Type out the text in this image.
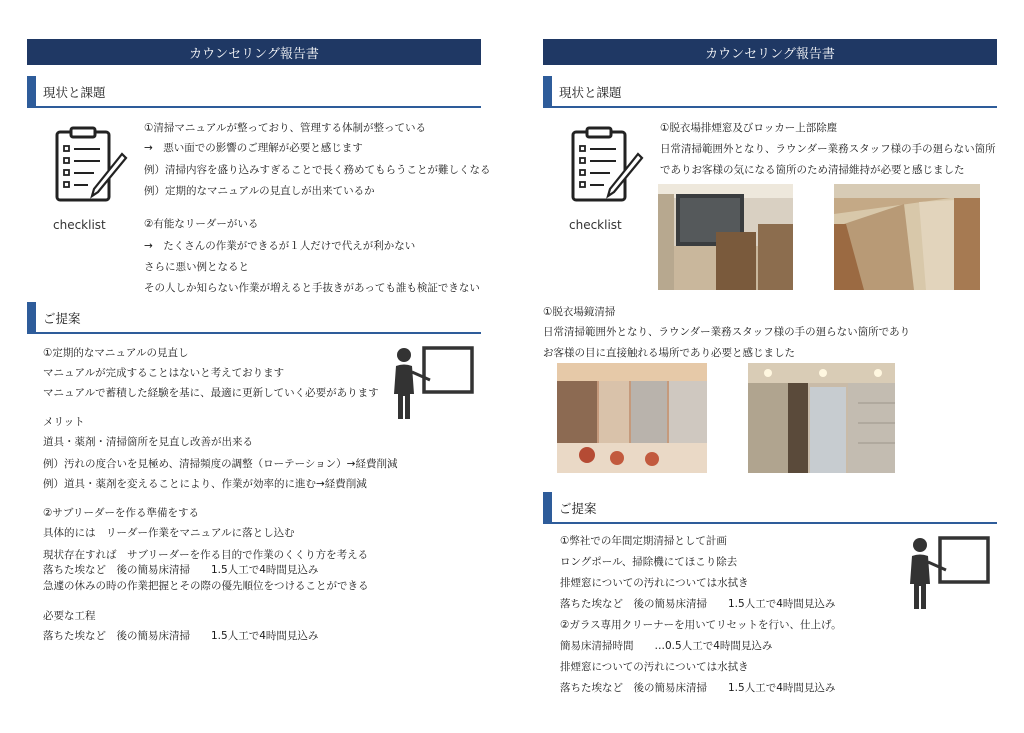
カウンセリング報告書
現状と課題
checklist
①清掃マニュアルが整っており、管理する体制が整っている
→　悪い面での影響のご理解が必要と感じます
例）清掃内容を盛り込みすぎることで長く務めてもらうことが難しくなる
例）定期的なマニュアルの見直しが出来ているか
②有能なリーダーがいる
→　たくさんの作業ができるが１人だけで代えが利かない
さらに悪い例となると
その人しか知らない作業が増えると手抜きがあっても誰も検証できない
ご提案
①定期的なマニュアルの見直し
マニュアルが完成することはないと考えております
マニュアルで蓄積した経験を基に、最適に更新していく必要があります
メリット
道具・薬剤・清掃箇所を見直し改善が出来る
例）汚れの度合いを見極め、清掃頻度の調整（ローテーション）→経費削減
例）道具・薬剤を変えることにより、作業が効率的に進む→経費削減
②サブリーダーを作る準備をする
具体的には　リーダー作業をマニュアルに落とし込む
現状存在すれば　サブリーダーを作る目的で作業のくくり方を考える
落ちた埃など　後の簡易床清掃　　1.5人工で4時間見込み
急遽の休みの時の作業把握とその際の優先順位をつけることができる
必要な工程
落ちた埃など　後の簡易床清掃　　1.5人工で4時間見込み
カウンセリング報告書
現状と課題
checklist
①脱衣場排煙窓及びロッカー上部除塵
日常清掃範囲外となり、ラウンダー業務スタッフ様の手の廻らない箇所
でありお客様の気になる箇所のため清掃維持が必要と感じました
①脱衣場鏡清掃
日常清掃範囲外となり、ラウンダー業務スタッフ様の手の廻らない箇所であり
お客様の目に直接触れる場所であり必要と感じました
ご提案
①弊社での年間定期清掃として計画
ロングポール、掃除機にてほこり除去
排煙窓についての汚れについては水拭き
落ちた埃など　後の簡易床清掃　　1.5人工で4時間見込み
②ガラス専用クリーナーを用いてリセットを行い、仕上げ。
簡易床清掃時間　　…0.5人工で4時間見込み
排煙窓についての汚れについては水拭き
落ちた埃など　後の簡易床清掃　　1.5人工で4時間見込み
